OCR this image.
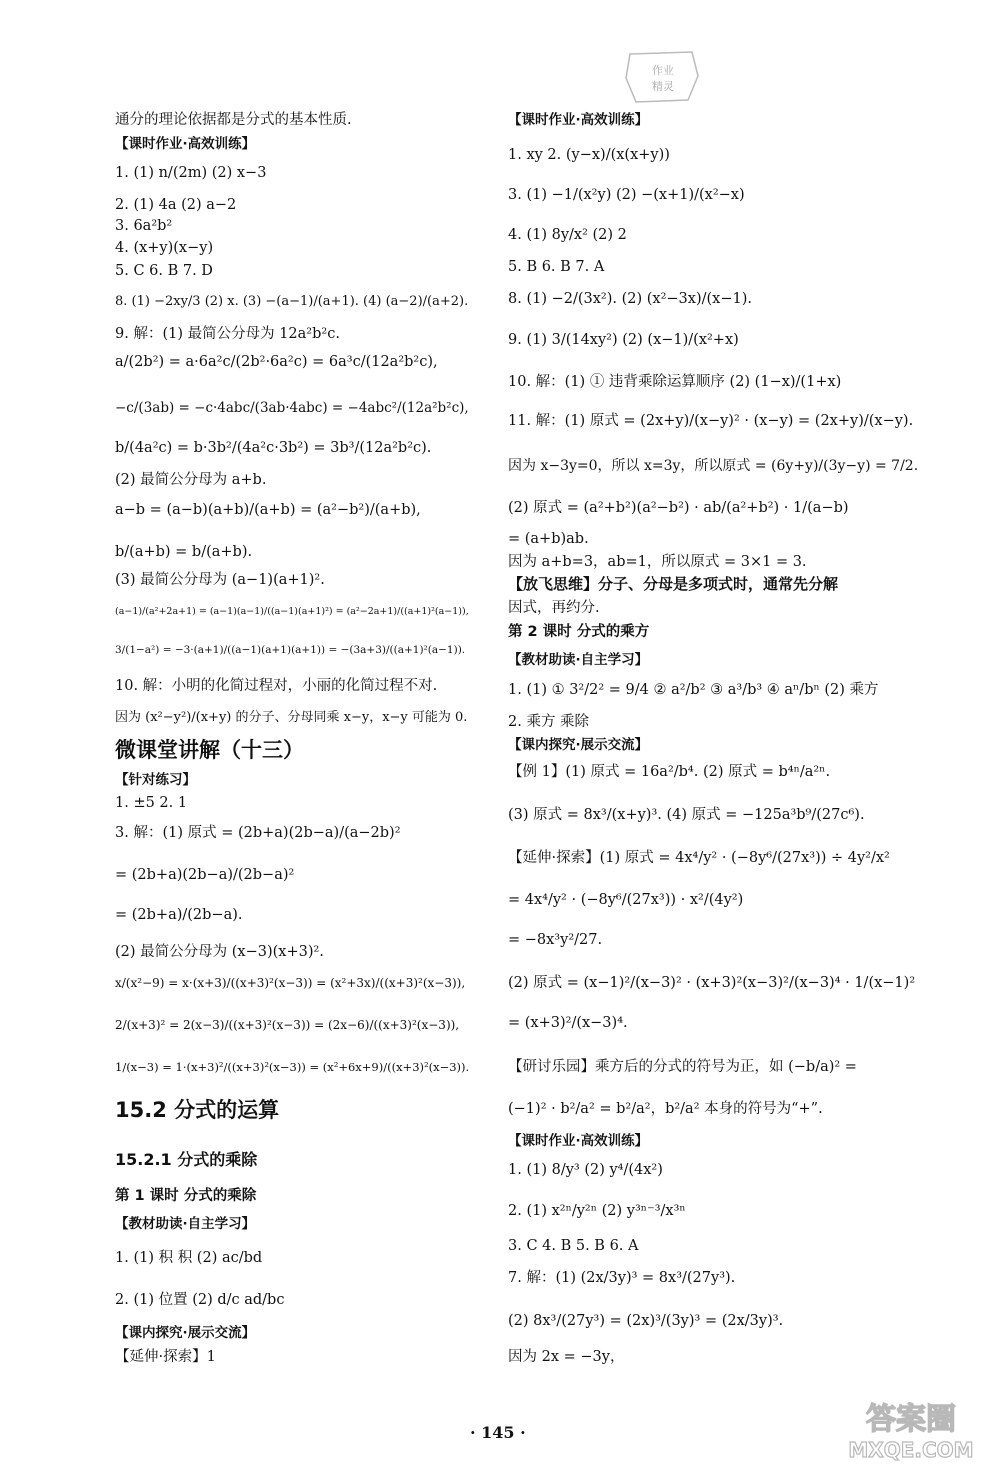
通分的理论依据都是分式的基本性质.
【课时作业·高效训练】
1. (1) n/(2m) (2) x−3
2. (1) 4a (2) a−2
3. 6a²b²
4. (x+y)(x−y)
5. C 6. B 7. D
8. (1) −2xy/3 (2) x. (3) −(a−1)/(a+1). (4) (a−2)/(a+2).
9. 解：(1) 最简公分母为 12a²b²c.
a/(2b²) = a·6a²c/(2b²·6a²c) = 6a³c/(12a²b²c),
−c/(3ab) = −c·4abc/(3ab·4abc) = −4abc²/(12a²b²c),
b/(4a²c) = b·3b²/(4a²c·3b²) = 3b³/(12a²b²c).
(2) 最简公分母为 a+b.
a−b = (a−b)(a+b)/(a+b) = (a²−b²)/(a+b),
b/(a+b) = b/(a+b).
(3) 最简公分母为 (a−1)(a+1)².
(a−1)/(a²+2a+1) = (a−1)(a−1)/((a−1)(a+1)²) = (a²−2a+1)/((a+1)²(a−1)),
3/(1−a²) = −3·(a+1)/((a−1)(a+1)(a+1)) = −(3a+3)/((a+1)²(a−1)).
10. 解：小明的化简过程对，小丽的化简过程不对.
因为 (x²−y²)/(x+y) 的分子、分母同乘 x−y，x−y 可能为 0.
微课堂讲解（十三）
【针对练习】
1. ±5 2. 1
3. 解：(1) 原式 = (2b+a)(2b−a)/(a−2b)²
= (2b+a)(2b−a)/(2b−a)²
= (2b+a)/(2b−a).
(2) 最简公分母为 (x−3)(x+3)².
x/(x²−9) = x·(x+3)/((x+3)²(x−3)) = (x²+3x)/((x+3)²(x−3)),
2/(x+3)² = 2(x−3)/((x+3)²(x−3)) = (2x−6)/((x+3)²(x−3)),
1/(x−3) = 1·(x+3)²/((x+3)²(x−3)) = (x²+6x+9)/((x+3)²(x−3)).
15.2 分式的运算
15.2.1 分式的乘除
第 1 课时 分式的乘除
【教材助读·自主学习】
1. (1) 积 积 (2) ac/bd
2. (1) 位置 (2) d/c ad/bc
【课内探究·展示交流】
【延伸·探索】1
【课时作业·高效训练】
1. xy 2. (y−x)/(x(x+y))
3. (1) −1/(x²y) (2) −(x+1)/(x²−x)
4. (1) 8y/x² (2) 2
5. B 6. B 7. A
8. (1) −2/(3x²). (2) (x²−3x)/(x−1).
9. (1) 3/(14xy²) (2) (x−1)/(x²+x)
10. 解：(1) ① 违背乘除运算顺序 (2) (1−x)/(1+x)
11. 解：(1) 原式 = (2x+y)/(x−y)² · (x−y) = (2x+y)/(x−y).
因为 x−3y=0，所以 x=3y，所以原式 = (6y+y)/(3y−y) = 7/2.
(2) 原式 = (a²+b²)(a²−b²) · ab/(a²+b²) · 1/(a−b)
= (a+b)ab.
因为 a+b=3，ab=1，所以原式 = 3×1 = 3.
【放飞思维】分子、分母是多项式时，通常先分解
因式，再约分.
第 2 课时 分式的乘方
【教材助读·自主学习】
1. (1) ① 3²/2² = 9/4 ② a²/b² ③ a³/b³ ④ aⁿ/bⁿ (2) 乘方
2. 乘方 乘除
【课内探究·展示交流】
【例 1】(1) 原式 = 16a²/b⁴. (2) 原式 = b⁴ⁿ/a²ⁿ.
(3) 原式 = 8x³/(x+y)³. (4) 原式 = −125a³b⁹/(27c⁶).
【延伸·探索】(1) 原式 = 4x⁴/y² · (−8y⁶/(27x³)) ÷ 4y²/x²
= 4x⁴/y² · (−8y⁶/(27x³)) · x²/(4y²)
= −8x³y²/27.
(2) 原式 = (x−1)²/(x−3)² · (x+3)²(x−3)²/(x−3)⁴ · 1/(x−1)²
= (x+3)²/(x−3)⁴.
【研讨乐园】乘方后的分式的符号为正，如 (−b/a)² =
(−1)² · b²/a² = b²/a²，b²/a² 本身的符号为“+”.
【课时作业·高效训练】
1. (1) 8/y³ (2) y⁴/(4x²)
2. (1) x²ⁿ/y²ⁿ (2) y³ⁿ⁻³/x³ⁿ
3. C 4. B 5. B 6. A
7. 解：(1) (2x/3y)³ = 8x³/(27y³).
(2) 8x³/(27y³) = (2x)³/(3y)³ = (2x/3y)³.
因为 2x = −3y，
· 145 ·
作业
精灵
答案圈
MXQE.COM
